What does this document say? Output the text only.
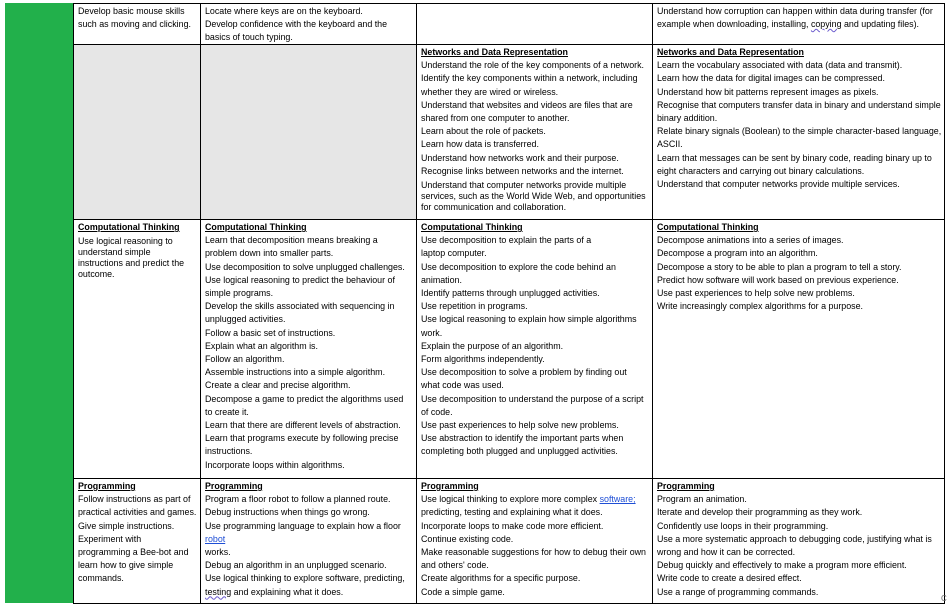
Develop basic mouse skills
such as moving and clicking.
Locate where keys are on the keyboard.
Develop confidence with the keyboard and the
basics of touch typing.
Understand how corruption can happen within data during transfer (for
example when downloading, installing, copying and updating files).
Networks and Data Representation
Understand the role of the key components of a network.
Identify the key components within a network, including
whether they are wired or wireless.
Understand that websites and videos are files that are
shared from one computer to another.
Learn about the role of packets.
Learn how data is transferred.
Understand how networks work and their purpose.
Recognise links between networks and the internet.
Understand that computer networks provide multiple services, such as the World Wide Web, and opportunities for communication and collaboration.
Networks and Data Representation
Learn the vocabulary associated with data (data and transmit).
Learn how the data for digital images can be compressed.
Understand how bit patterns represent images as pixels.
Recognise that computers transfer data in binary and understand simple
binary addition.
Relate binary signals (Boolean) to the simple character-based language,
ASCII.
Learn that messages can be sent by binary code, reading binary up to
eight characters and carrying out binary calculations.
Understand that computer networks provide multiple services.
Computational Thinking
Use logical reasoning to understand simple instructions and predict the outcome.
Computational Thinking
Learn that decomposition means breaking a
problem down into smaller parts.
Use decomposition to solve unplugged challenges.
Use logical reasoning to predict the behaviour of
simple programs.
Develop the skills associated with sequencing in
unplugged activities.
Follow a basic set of instructions.
Explain what an algorithm is.
Follow an algorithm.
Assemble instructions into a simple algorithm.
Create a clear and precise algorithm.
Decompose a game to predict the algorithms used
to create it.
Learn that there are different levels of abstraction.
Learn that programs execute by following precise
instructions.
Incorporate loops within algorithms.
Computational Thinking
Use decomposition to explain the parts of a
laptop computer.
Use decomposition to explore the code behind an
animation.
Identify patterns through unplugged activities.
Use repetition in programs.
Use logical reasoning to explain how simple algorithms
work.
Explain the purpose of an algorithm.
Form algorithms independently.
Use decomposition to solve a problem by finding out
what code was used.
Use decomposition to understand the purpose of a script
of code.
Use past experiences to help solve new problems.
Use abstraction to identify the important parts when
completing both plugged and unplugged activities.
Computational Thinking
Decompose animations into a series of images.
Decompose a program into an algorithm.
Decompose a story to be able to plan a program to tell a story.
Predict how software will work based on previous experience.
Use past experiences to help solve new problems.
Write increasingly complex algorithms for a purpose.
Programming
Follow instructions as part of
practical activities and games.
Give simple instructions.
Experiment with
programming a Bee-bot and
learn how to give simple
commands.
Programming
Program a floor robot to follow a planned route.
Debug instructions when things go wrong.
Use programming language to explain how a floor
robot
works.
Debug an algorithm in an unplugged scenario.
Use logical thinking to explore software, predicting,
testing and explaining what it does.
Programming
Use logical thinking to explore more complex software;
predicting, testing and explaining what it does.
Incorporate loops to make code more efficient.
Continue existing code.
Make reasonable suggestions for how to debug their own
and others' code.
Create algorithms for a specific purpose.
Code a simple game.
Programming
Program an animation.
Iterate and develop their programming as they work.
Confidently use loops in their programming.
Use a more systematic approach to debugging code, justifying what is
wrong and how it can be corrected.
Debug quickly and effectively to make a program more efficient.
Write code to create a desired effect.
Use a range of programming commands.
C
